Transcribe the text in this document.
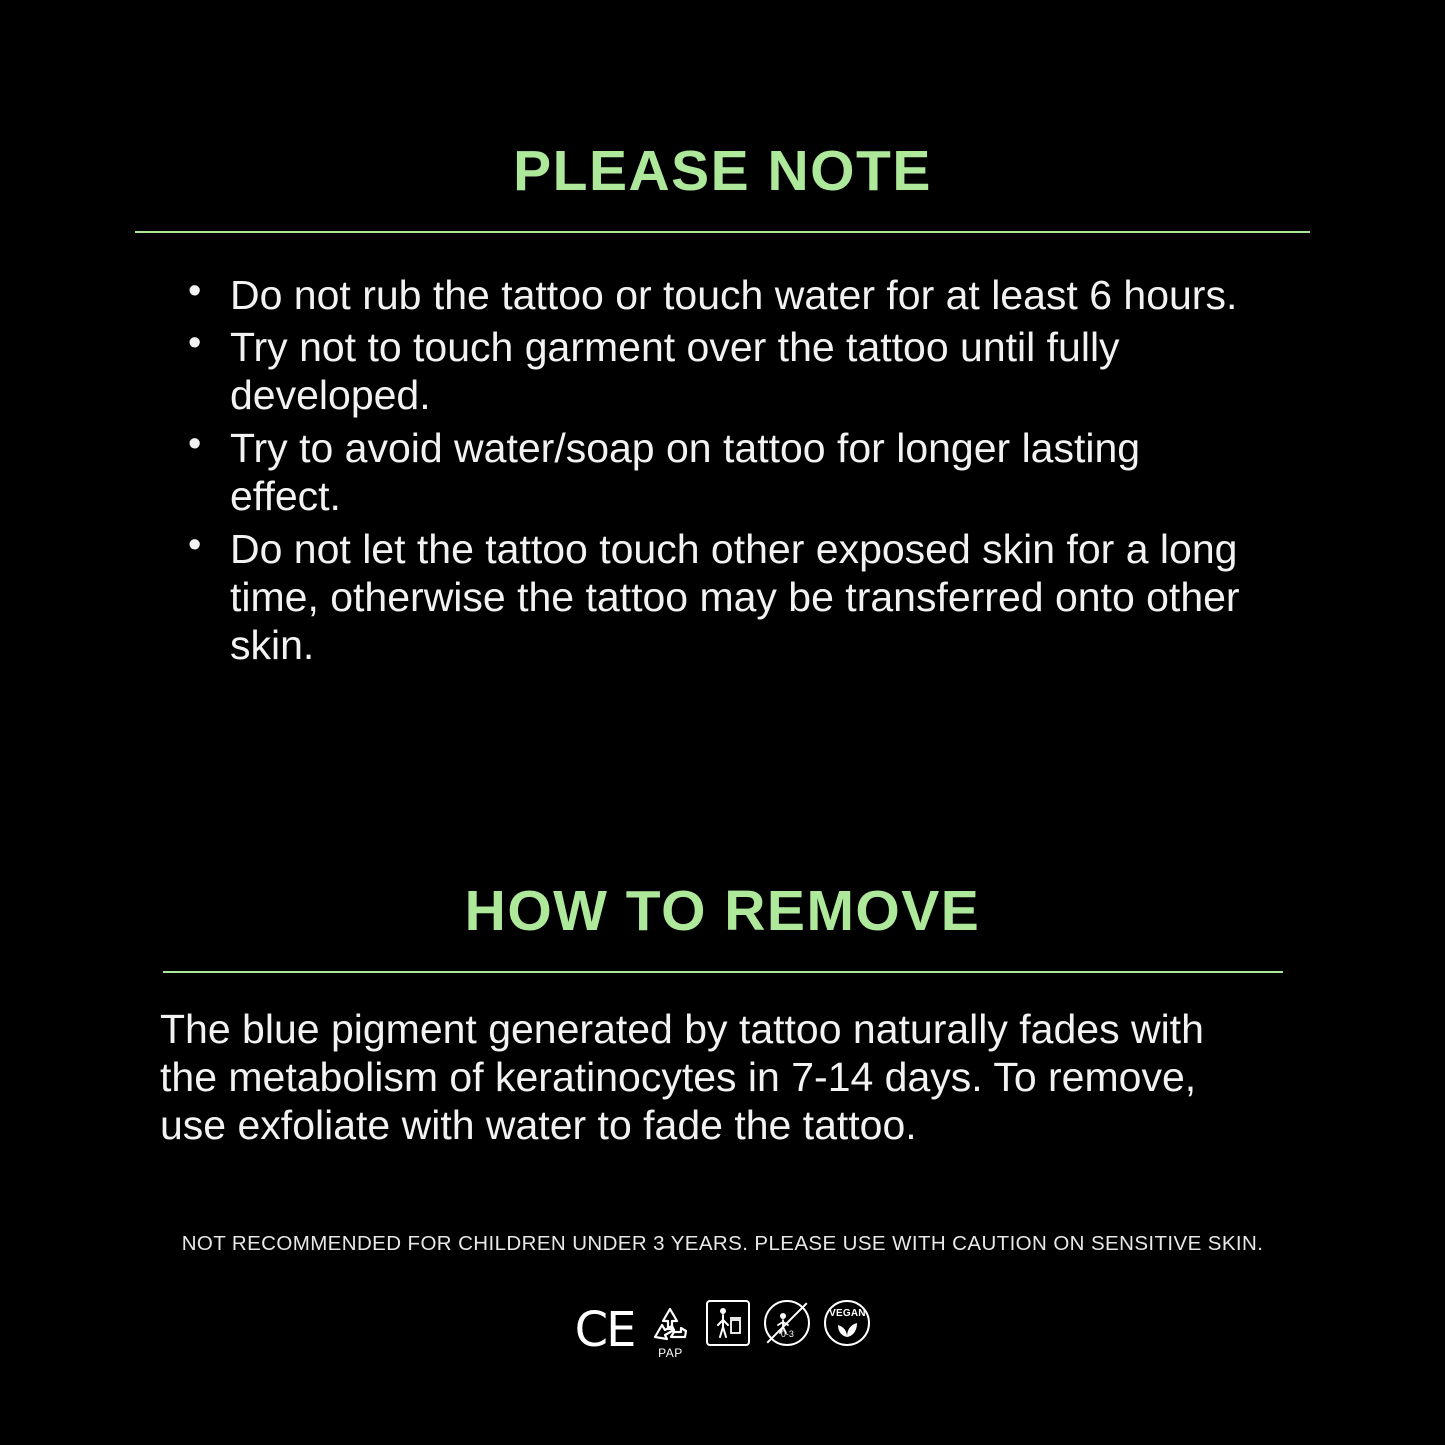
PLEASE NOTE
• Do not rub the tattoo or touch water for at least 6 hours.
• Try not to touch garment over the tattoo until fully developed.
• Try to avoid water/soap on tattoo for longer lasting effect.
• Do not let the tattoo touch other exposed skin for a long time, otherwise the tattoo may be transferred onto other skin.
HOW TO REMOVE

The blue pigment generated by tattoo naturally fades with the metabolism of keratinocytes in 7-14 days. To remove, use exfoliate with water to fade the tattoo.

NOT RECOMMENDED FOR CHILDREN UNDER 3 YEARS. PLEASE USE WITH CAUTION ON SENSITIVE SKIN.
CE PAP
0-3
VEGAN
